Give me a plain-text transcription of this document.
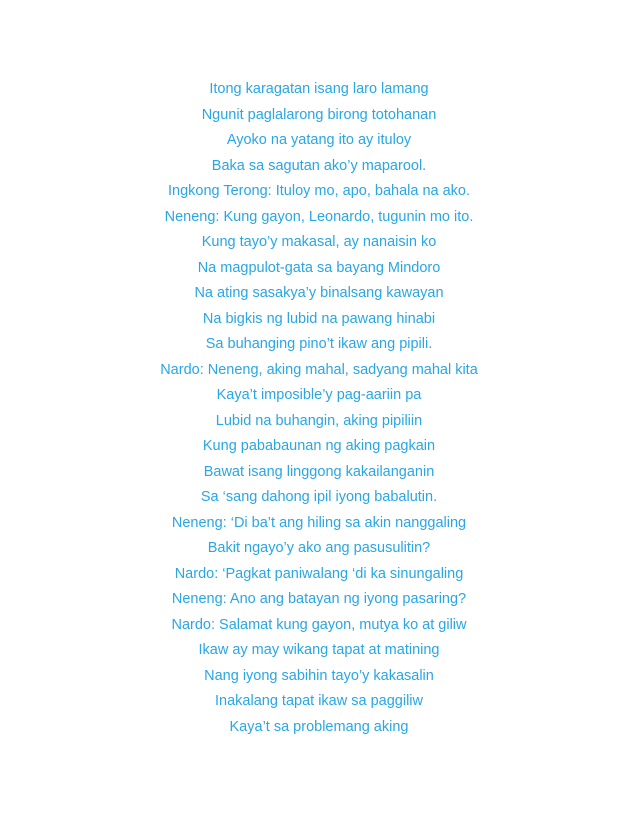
Itong karagatan isang laro lamang
Ngunit paglalarong birong totohanan
Ayoko na yatang ito ay ituloy
Baka sa sagutan ako’y maparool.
Ingkong Terong: Ituloy mo, apo, bahala na ako.
Neneng: Kung gayon, Leonardo, tugunin mo ito.
Kung tayo’y makasal, ay nanaisin ko
Na magpulot-gata sa bayang Mindoro
Na ating sasakya’y binalsang kawayan
Na bigkis ng lubid na pawang hinabi
Sa buhanging pino’t ikaw ang pipili.
Nardo: Neneng, aking mahal, sadyang mahal kita
Kaya’t imposible’y pag-aariin pa
Lubid na buhangin, aking pipiliin
Kung pababaunan ng aking pagkain
Bawat isang linggong kakailanganin
Sa ‘sang dahong ipil iyong babalutin.
Neneng: ‘Di ba’t ang hiling sa akin nanggaling
Bakit ngayo’y ako ang pasusulitin?
Nardo: ‘Pagkat paniwalang ‘di ka sinungaling
Neneng: Ano ang batayan ng iyong pasaring?
Nardo: Salamat kung gayon, mutya ko at giliw
Ikaw ay may wikang tapat at matining
Nang iyong sabihin tayo’y kakasalin
Inakalang tapat ikaw sa paggiliw
Kaya’t sa problemang aking
